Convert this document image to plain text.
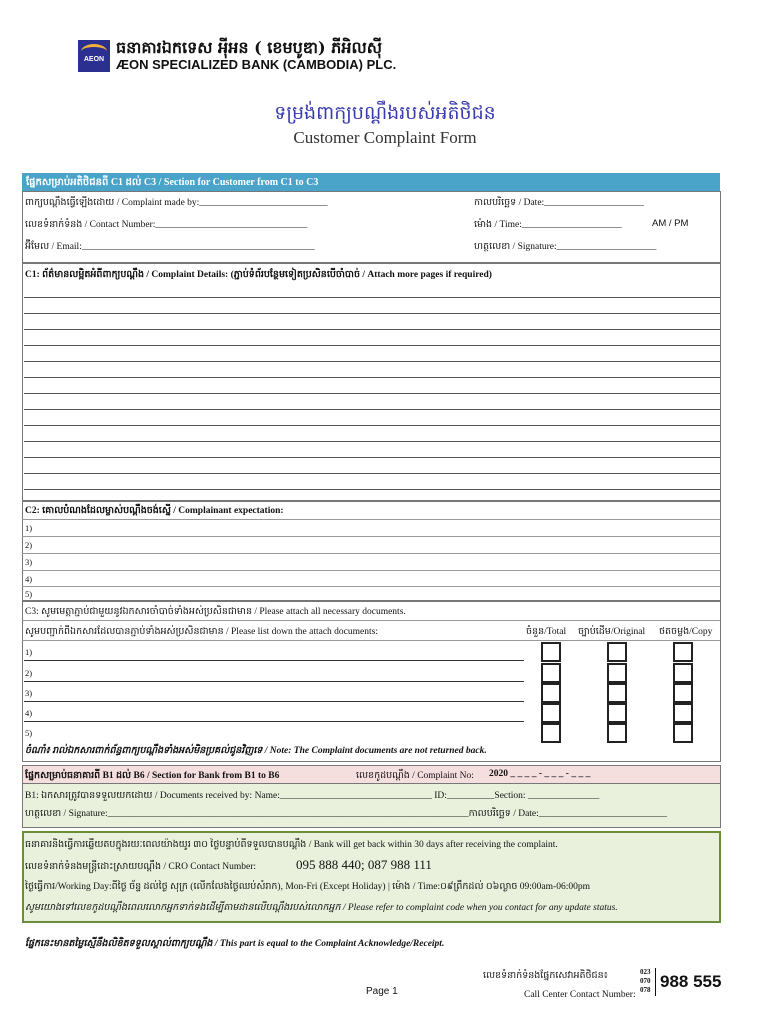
AEON
ធនាគារឯកទេស អុីអន ( ខេមបូឌា) ភីអិលសុី
ÆON SPECIALIZED BANK (CAMBODIA) PLC.
ទម្រង់ពាក្យបណ្តឹងរបស់អតិថិជន
Customer Complaint Form
ផ្នែកសម្រាប់អតិថិជនពី C1 ដល់ C3 / Section for Customer from C1 to C3
ពាក្យបណ្តឹងធ្វើឡើងដោយ / Complaint made by:___________________________	កាលបរិច្ឆេទ / Date:_____________________
លេខទំនាក់ទំនង / Contact Number:________________________________	ម៉ោង / Time:_____________________	AM / PM
អ៊ីមែល / Email:_________________________________________________	ហត្ថលេខា / Signature:_____________________
C1: ព័ត៌មានលម្អិតអំពីពាក្យបណ្តឹង / Complaint Details: (ភ្ជាប់ទំព័របន្ថែមទៀតប្រសិនបើចាំបាច់ / Attach more pages if required)
C2: គោលបំណងដែលម្ចាស់បណ្តឹងចង់ស្នើ / Complainant expectation:
1)
2)
3)
4)
5)
C3: សូមមេត្តាភ្ជាប់ជាមួយនូវឯកសារចាំបាច់ទាំងអស់ប្រសិនជាមាន / Please attach all necessary documents.
សូមបញ្ជាក់ពីឯកសារដែលបានភ្ជាប់ទាំងអស់ប្រសិនជាមាន / Please list down the attach documents:	ចំនួន/Total ច្បាប់ដើម/Original ថតចម្លង/Copy
1)
2)
3)
4)
5)
ចំណាំ៖ រាល់ឯកសារពាក់ព័ន្ធពាក្យបណ្តឹងទាំងអស់មិនប្រគល់ជូនវិញទេ / Note: The Complaint documents are not returned back.
ផ្នែកសម្រាប់ធនាគារពី B1 ដល់ B6 / Section for Bank from B1 to B6	លេខកូដបណ្តឹង / Complaint No: 2020 _ _ _ _ - _ _ _ - _ _ _
B1: ឯកសារត្រូវបានទទួលយកដោយ / Documents received by: Name:________________________________ ID:__________Section: _______________
ហត្ថលេខា / Signature:____________________________________________________________________________កាលបរិច្ឆេទ / Date:___________________________
ធនាគារនិងធ្វើការឆ្លើយតបក្នុងរយៈពេលយ៉ាងយូរ ៣០ ថ្ងៃបន្ទាប់ពីទទួលបានបណ្តឹង / Bank will get back within 30 days after receiving the complaint.
លេខទំនាក់ទំនងមន្ត្រីដោះស្រាយបណ្តឹង / CRO Contact Number:	095 888 440; 087 988 111
ថ្ងៃធ្វើការ/Working Day:ពីថ្ងៃ ច័ន្ទ ដល់ថ្ងៃ សុក្រ (លើកលែងថ្ងៃឈប់សំរាក), Mon-Fri (Except Holiday) | ម៉ោង / Time:០៩ព្រឹកដល់ ០៦ល្ងាច 09:00am-06:00pm
សូមយោងទៅលេខកូដបណ្តឹងពេលលោកអ្នកទាក់ទងដើម្បីតាមដានលើបណ្តឹងរបស់លោកអ្នក / Please refer to complaint code when you contact for any update status.
ផ្នែកនេះមានតម្លៃស្មើនឹងលិខិតទទួលស្គាល់ពាក្យបណ្តឹង / This part is equal to the Complaint Acknowledge/Receipt.
លេខទំនាក់ទំនងផ្នែកសេវាអតិថិជន៖
Call Center Contact Number:
023
070
078 988 555
Page 1
